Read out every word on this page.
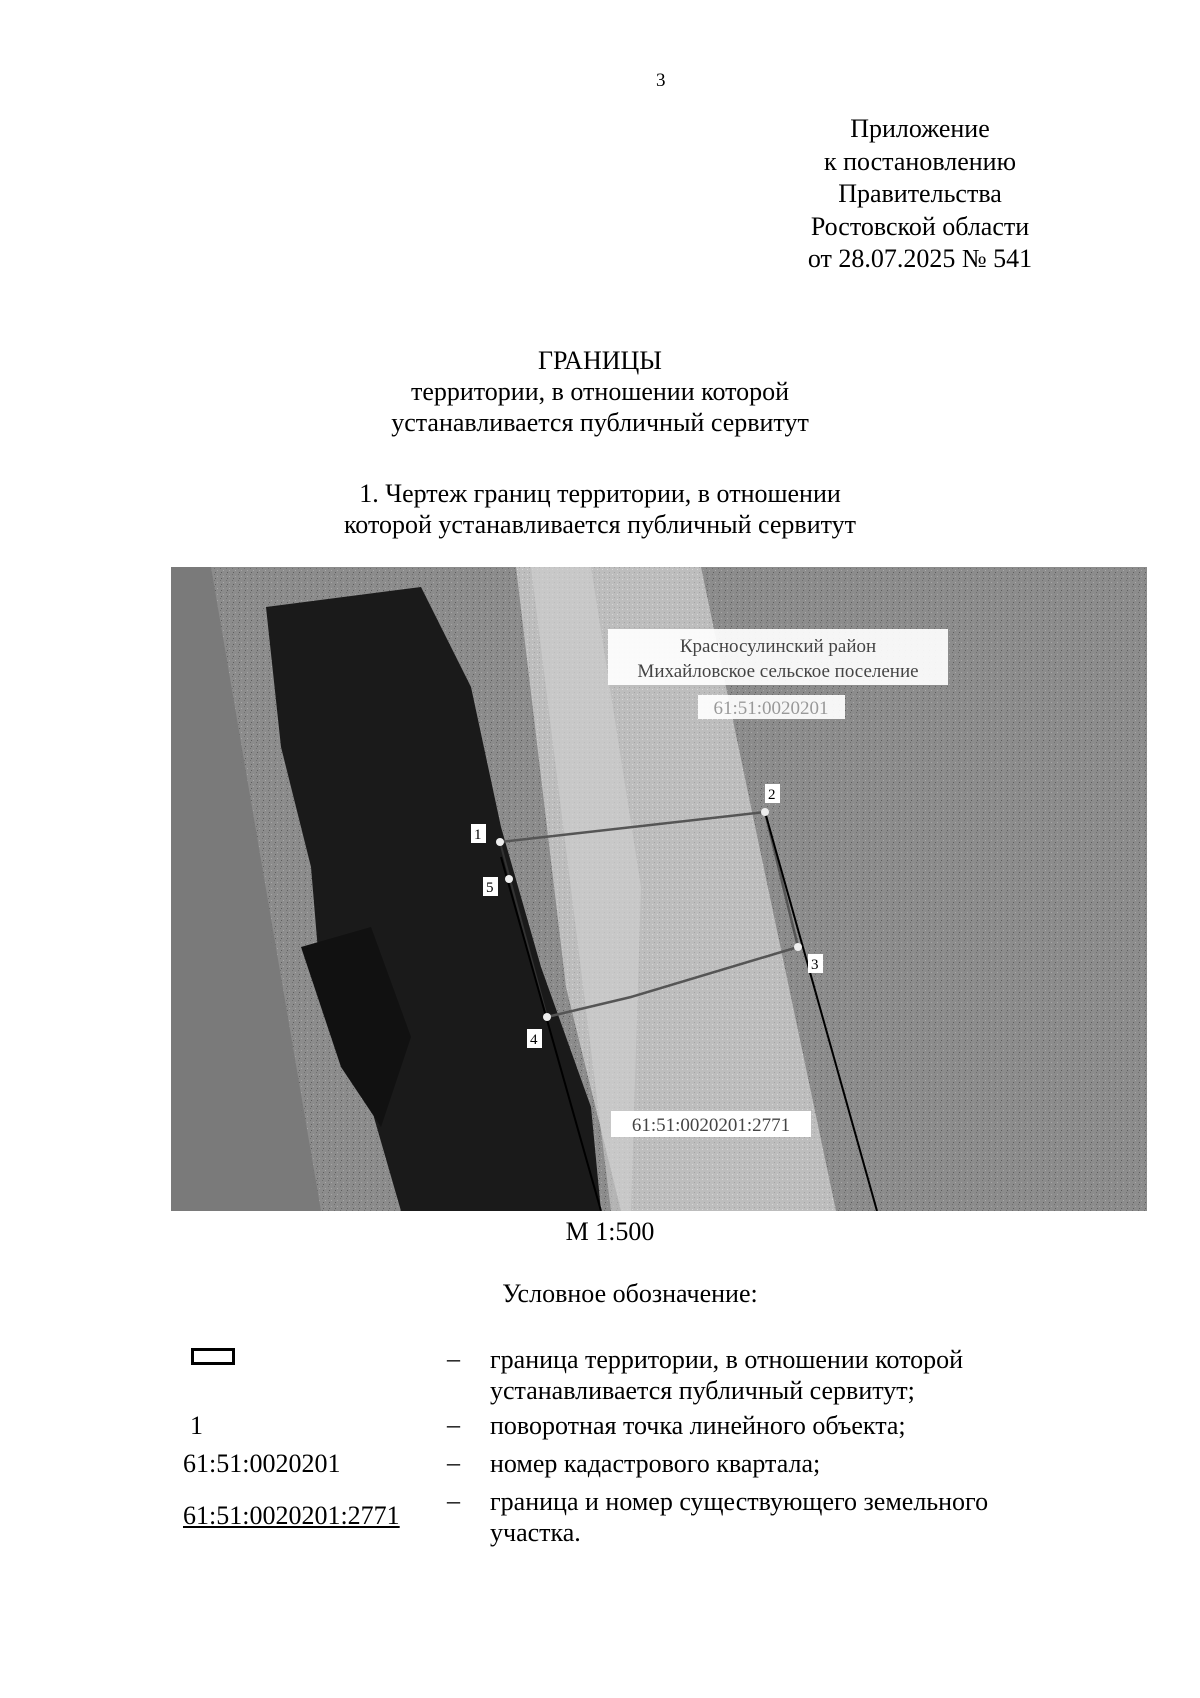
3
Приложение
к постановлению
Правительства
Ростовской области
от 28.07.2025 № 541
ГРАНИЦЫ
территории, в отношении которой
устанавливается публичный сервитут
1. Чертеж границ территории, в отношении
которой устанавливается публичный сервитут
1
2
3
4
5
Красносулинский район
Михайловское сельское поселение
61:51:0020201
61:51:0020201:2771
М 1:500
Условное обозначение:
– граница территории, в отношении которой
устанавливается публичный сервитут;
1	– поворотная точка линейного объекта;
61:51:0020201	– номер кадастрового квартала;
61:51:0020201:2771
– граница и номер существующего земельного
участка.
